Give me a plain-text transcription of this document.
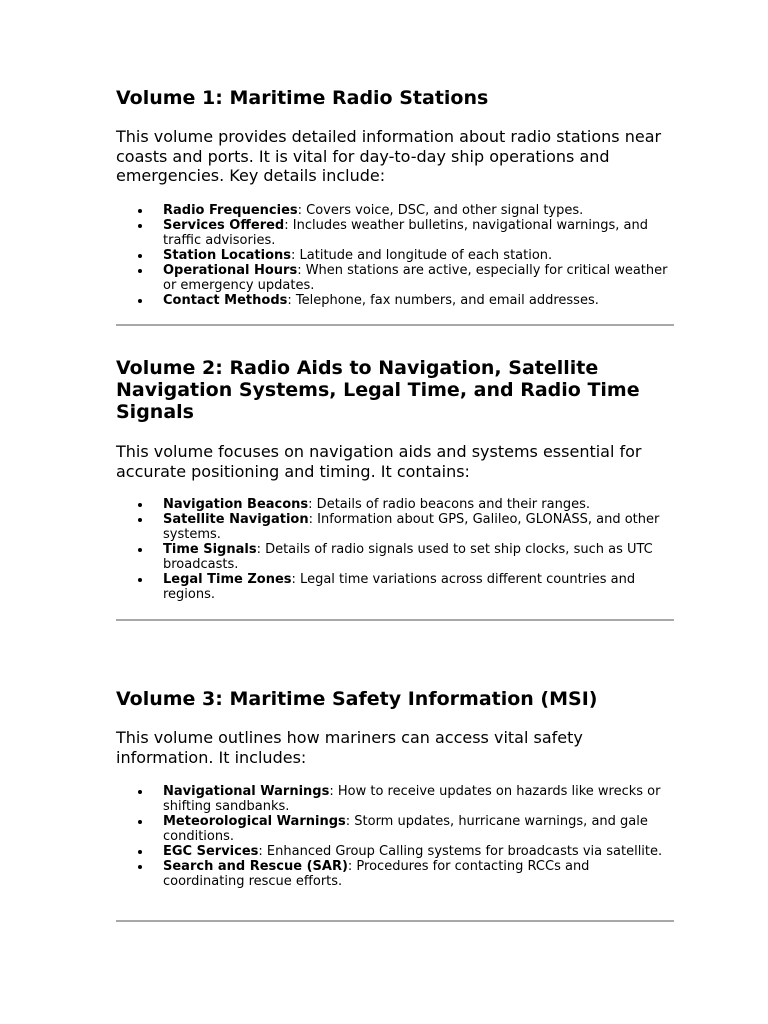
Volume 1: Maritime Radio Stations

This volume provides detailed information about radio stations near coasts and ports. It is vital for day-to-day ship operations and emergencies. Key details include:

Radio Frequencies: Covers voice, DSC, and other signal types.
Services Offered: Includes weather bulletins, navigational warnings, and traffic advisories.
Station Locations: Latitude and longitude of each station.
Operational Hours: When stations are active, especially for critical weather or emergency updates.
Contact Methods: Telephone, fax numbers, and email addresses.
Volume 2: Radio Aids to Navigation, Satellite Navigation Systems, Legal Time, and Radio Time Signals

This volume focuses on navigation aids and systems essential for accurate positioning and timing. It contains:

Navigation Beacons: Details of radio beacons and their ranges.
Satellite Navigation: Information about GPS, Galileo, GLONASS, and other systems.
Time Signals: Details of radio signals used to set ship clocks, such as UTC broadcasts.
Legal Time Zones: Legal time variations across different countries and regions.
Volume 3: Maritime Safety Information (MSI)

This volume outlines how mariners can access vital safety information. It includes:

Navigational Warnings: How to receive updates on hazards like wrecks or shifting sandbanks.
Meteorological Warnings: Storm updates, hurricane warnings, and gale conditions.
EGC Services: Enhanced Group Calling systems for broadcasts via satellite.
Search and Rescue (SAR): Procedures for contacting RCCs and coordinating rescue efforts.
